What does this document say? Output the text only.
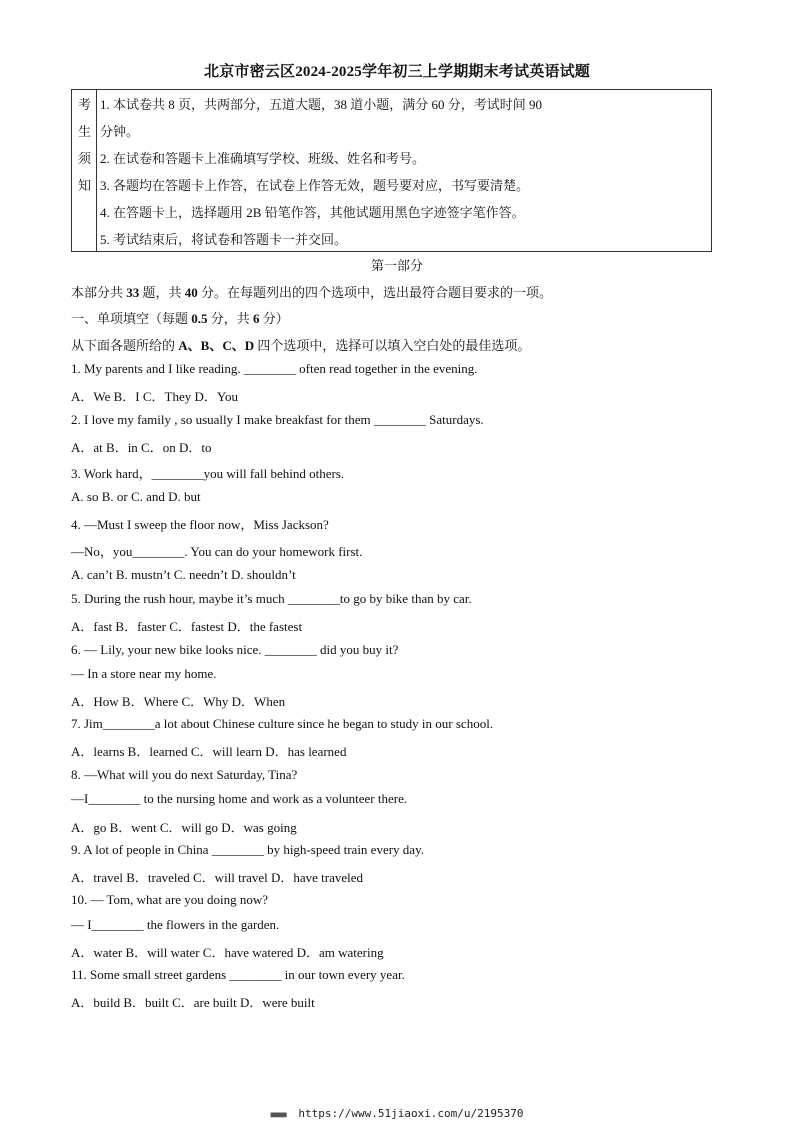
北京市密云区2024-2025学年初三上学期期末考试英语试题
考
生
须
知
1. 本试卷共 8 页，共两部分，五道大题，38 道小题，满分 60 分，考试时间 90
分钟。
2. 在试卷和答题卡上准确填写学校、班级、姓名和考号。
3. 各题均在答题卡上作答，在试卷上作答无效，题号要对应，书写要清楚。
4. 在答题卡上，选择题用 2B 铅笔作答，其他试题用黑色字迹签字笔作答。
5. 考试结束后，将试卷和答题卡一并交回。
第一部分
本部分共 33 题，共 40 分。在每题列出的四个选项中，选出最符合题目要求的一项。
一、单项填空（每题 0.5 分，共 6 分）
从下面各题所给的 A、B、C、D 四个选项中，选择可以填入空白处的最佳选项。
1. My parents and I like reading. ________ often read together in the evening.
A．We B．I C．They D．You
2. I love my family , so usually I make breakfast for them ________ Saturdays.
A．at B．in C．on D．to
3. Work hard，________you will fall behind others.
A. so B. or C. and D. but
4. —Must I sweep the floor now，Miss Jackson?
—No，you________. You can do your homework first.
A. can’t B. mustn’t C. needn’t D. shouldn’t
5. During the rush hour, maybe it’s much ________to go by bike than by car.
A．fast B．faster C．fastest D．the fastest
6. — Lily, your new bike looks nice. ________ did you buy it?
— In a store near my home.
A．How B．Where C．Why D．When
7. Jim________a lot about Chinese culture since he began to study in our school.
A．learns B．learned C．will learn D．has learned
8. —What will you do next Saturday, Tina?
—I________ to the nursing home and work as a volunteer there.
A．go B．went C．will go D．was going
9. A lot of people in China ________ by high-speed train every day.
A．travel B．traveled C．will travel D．have traveled
10. — Tom, what are you doing now?
— I________ the flowers in the garden.
A．water B．will water C．have watered D．am watering
11. Some small street gardens ________ in our town every year.
A．build B．built C．are built D．were built
■■■■ https://www.51jiaoxi.com/u/2195370
